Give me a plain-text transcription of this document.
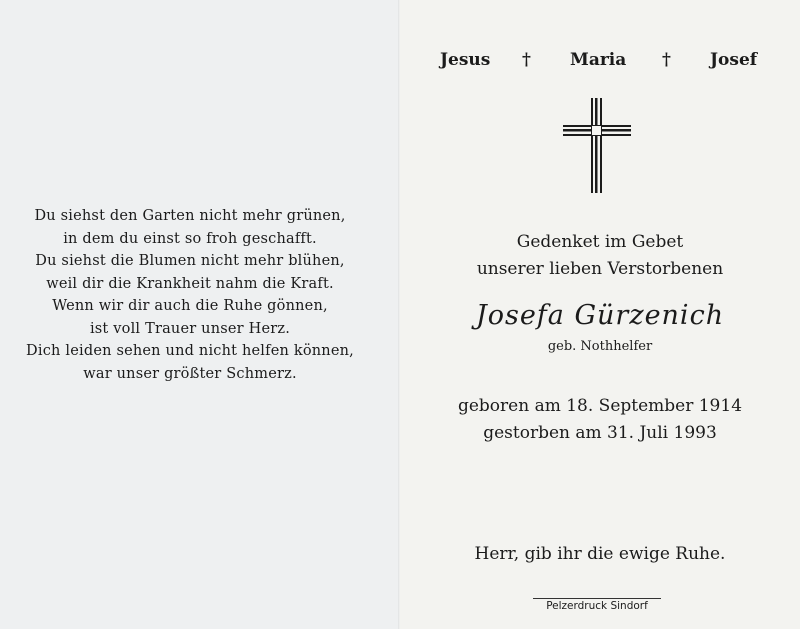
Du siehst den Garten nicht mehr grünen,
in dem du einst so froh geschafft.
Du siehst die Blumen nicht mehr blühen,
weil dir die Krankheit nahm die Kraft.
Wenn wir dir auch die Ruhe gönnen,
ist voll Trauer unser Herz.
Dich leiden sehen und nicht helfen können,
war unser größter Schmerz.
Jesus † Maria † Josef
Gedenket im Gebet
unserer lieben Verstorbenen
Josefa Gürzenich
geb. Nothhelfer
geboren am 18. September 1914
gestorben am 31. Juli 1993
Herr, gib ihr die ewige Ruhe.
Pelzerdruck Sindorf
